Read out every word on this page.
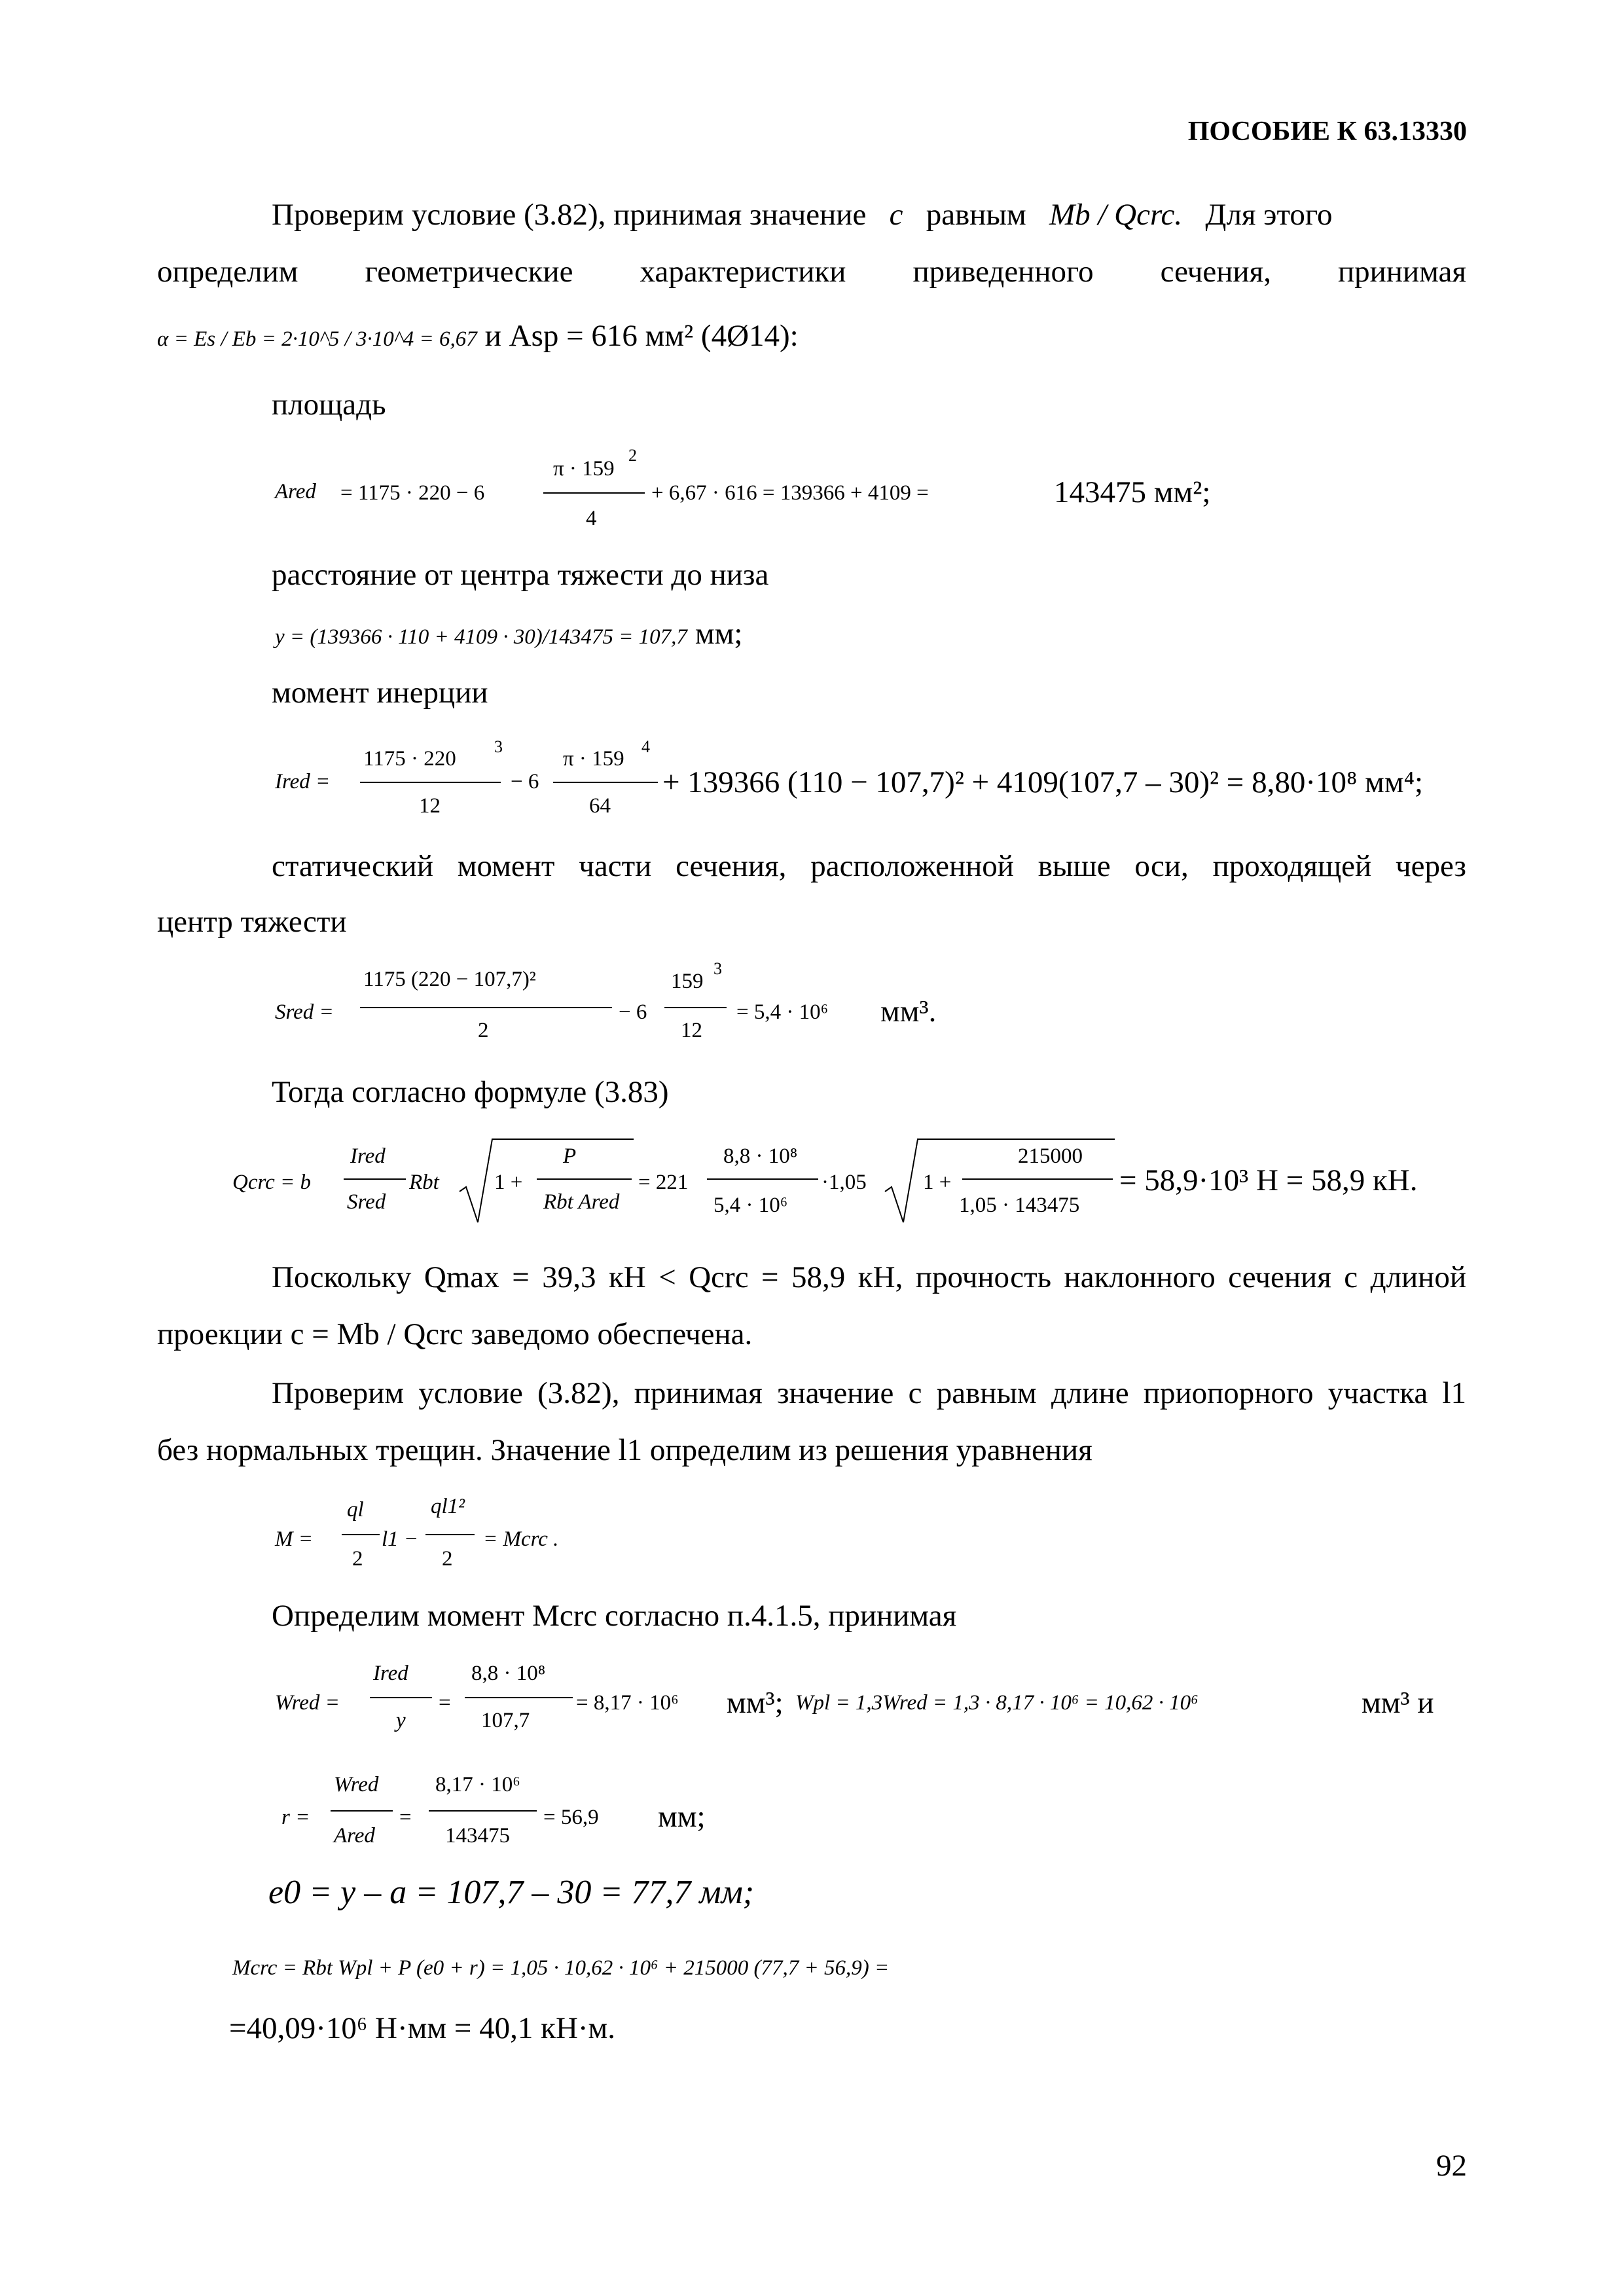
ПОСОБИЕ К 63.13330
Проверим условие (3.82), принимая значение c равным Mb / Qcrc. Для этого
определим геометрические характеристики приведенного сечения, принимая
α = Es / Eb = 2·10^5 / 3·10^4 = 6,67 и Asp = 616 мм² (4Ø14):
площадь
Ared = 1175 · 220 − 6
π · 159
2
4
+ 6,67 · 616 = 139366 + 4109 =	143475 мм²;
расстояние от центра тяжести до низа
y = (139366 · 110 + 4109 · 30)/143475 = 107,7 мм;
момент инерции
Ired =
1175 · 220
3
12
− 6
π · 159
4
64
+ 139366 (110 − 107,7)² + 4109(107,7 – 30)² = 8,80·10⁸ мм⁴;
статический момент части сечения, расположенной выше оси, проходящей через
центр тяжести
Sred =
1175 (220 − 107,7)²
2
− 6
159
3
12
= 5,4 · 10⁶ мм³.
Тогда согласно формуле (3.83)
Qcrc = b
Ired
Sred
Rbt	1 +
P
Rbt Ared
= 221
8,8 · 10⁸
5,4 · 10⁶
·1,05	1 +
215000
1,05 · 143475
= 58,9·10³ Н = 58,9 кН.
Поскольку Qmax = 39,3 кН < Qcrc = 58,9 кН, прочность наклонного сечения с длиной
проекции c = Mb / Qcrc заведомо обеспечена.
Проверим условие (3.82), принимая значение c равным длине приопорного участка l1
без нормальных трещин. Значение l1 определим из решения уравнения
M =
ql
2
l1 −
ql1²
2
= Mcrc .
Определим момент Mcrc согласно п.4.1.5, принимая
Wred =
Ired
y
=
8,8 · 10⁸
107,7
= 8,17 · 10⁶ мм³; Wpl = 1,3Wred = 1,3 · 8,17 · 10⁶ = 10,62 · 10⁶	мм³ и
r =
Wred
Ared
=
8,17 · 10⁶
143475
= 56,9 мм;
e0 = y – a = 107,7 – 30 = 77,7 мм;
Mcrc = Rbt Wpl + P (e0 + r) = 1,05 · 10,62 · 10⁶ + 215000 (77,7 + 56,9) =
=40,09·10⁶ Н·мм = 40,1 кН·м.
92
